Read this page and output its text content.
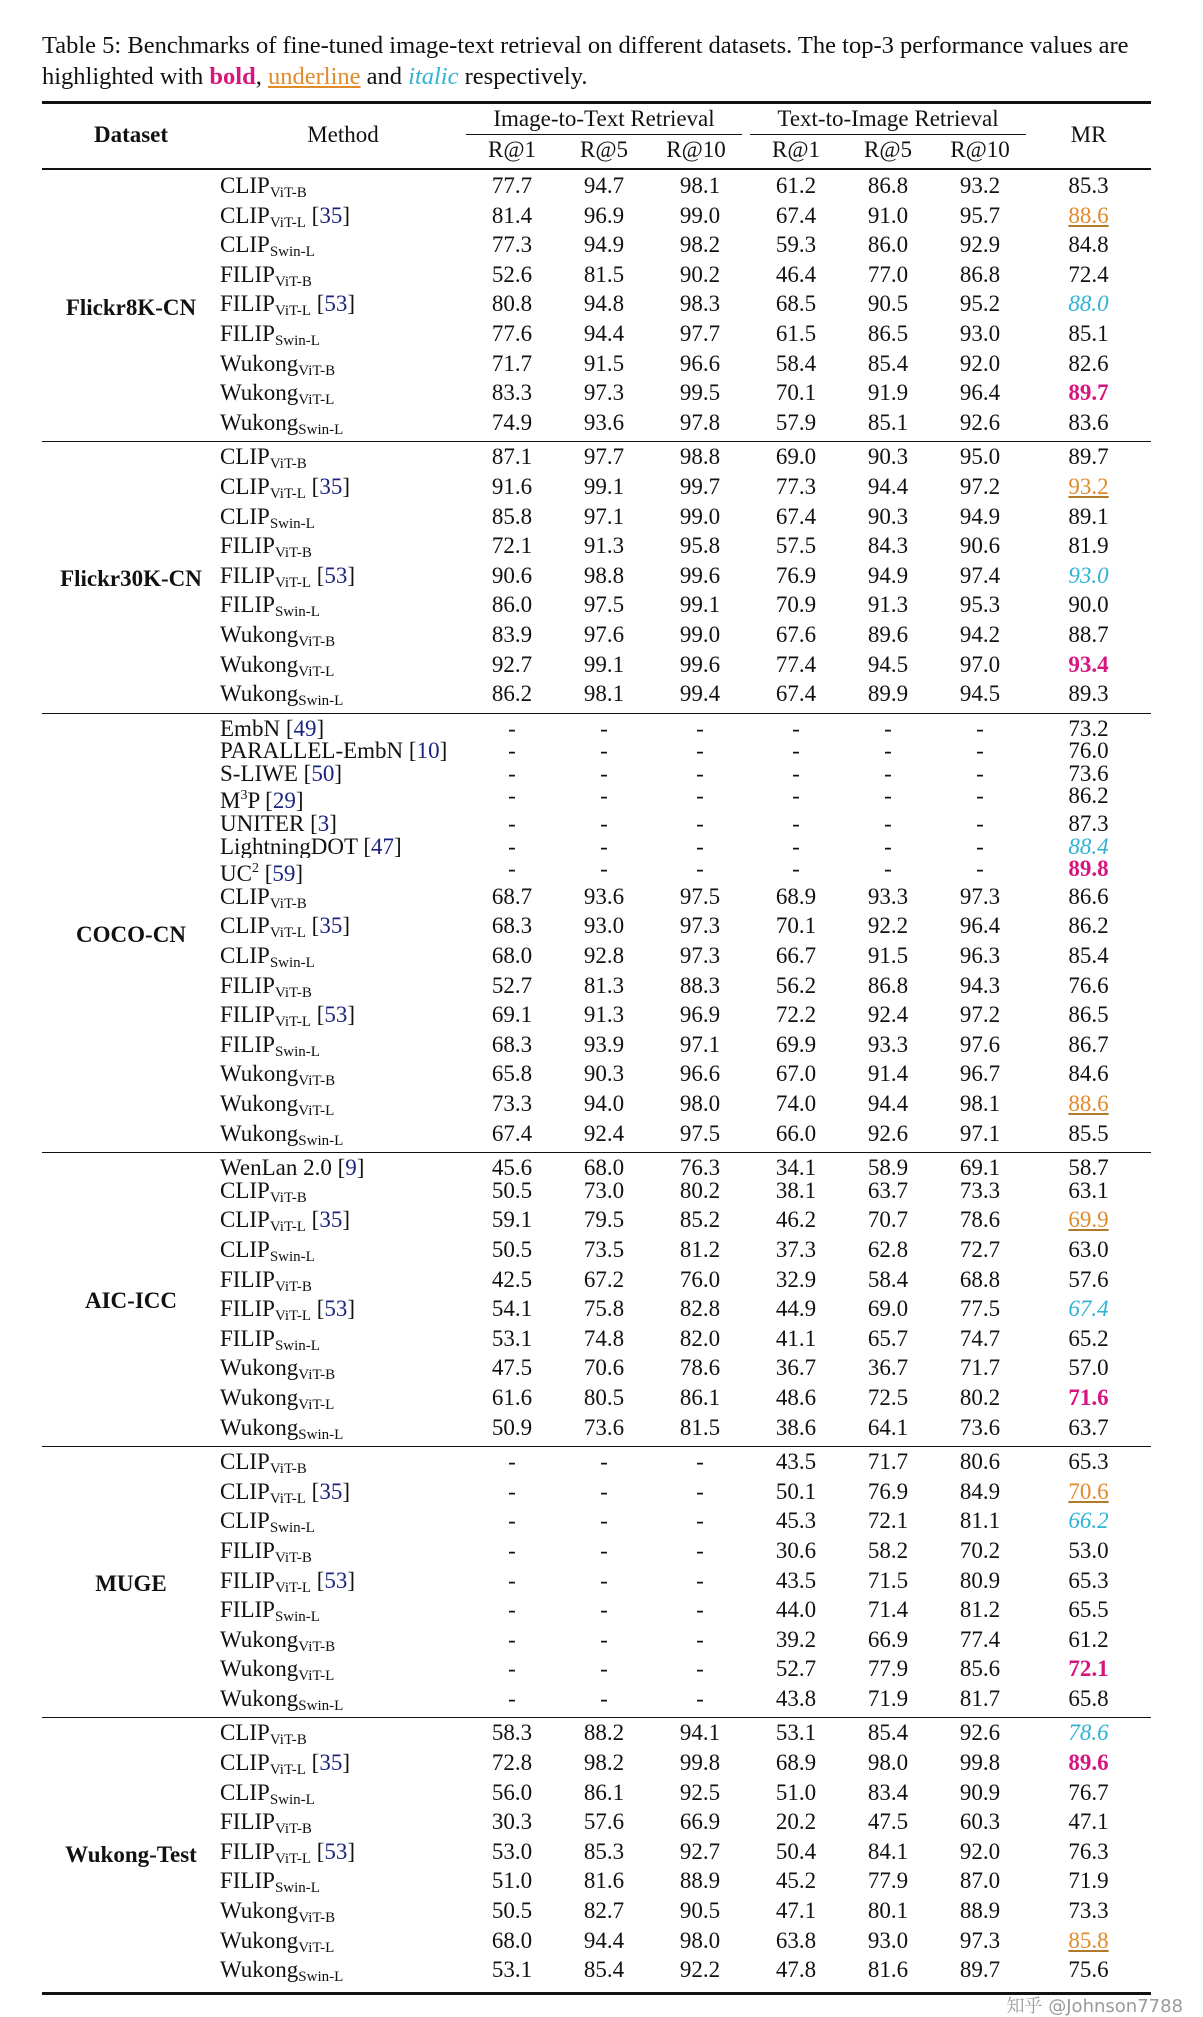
Table 5: Benchmarks of fine-tuned image-text retrieval on different datasets. The top-3 performance values are highlighted with bold, underline and italic respectively.
Dataset	Method	Image-to-Text Retrieval				Text-to-Image Retrieval			MR
		R@1	R@5	R@10		R@1	R@5	R@10	
Flickr8K-CN	$CLIP_{ViT-B}$	77.7	94.7	98.1	61.2	86.8	93.2	85.3
	$CLIP_{ViT-L}$ [35]	81.4	96.9	99.0	67.4	91.0	95.7	88.6
	$CLIP_{Swin-L}$	77.3	94.9	98.2	59.3	86.0	92.9	84.8
	$FILIP_{ViT-B}$	52.6	81.5	90.2	46.4	77.0	86.8	72.4
	$FILIP_{ViT-L}$ [53]	80.8	94.8	98.3	68.5	90.5	95.2	88.0
	$FILIP_{Swin-L}$	77.6	94.4	97.7	61.5	86.5	93.0	85.1
	Wukong$_{ViT-B}$	71.7	91.5	96.6	58.4	85.4	92.0	82.6
	Wukong$_{ViT-L}$	83.3	97.3	99.5	70.1	91.9	96.4	89.7
	Wukong$_{Swin-L}$	74.9	93.6	97.8	57.9	85.1	92.6	83.6
Flickr30K-CN	$CLIP_{ViT-B}$	87.1	97.7	98.8	69.0	90.3	95.0	89.7
	$CLIP_{ViT-L}$ [35]	91.6	99.1	99.7	77.3	94.4	97.2	93.2
	$CLIP_{Swin-L}$	85.8	97.1	99.0	67.4	90.3	94.9	89.1
	$FILIP_{ViT-B}$	72.1	91.3	95.8	57.5	84.3	90.6	81.9
	$FILIP_{ViT-L}$ [53]	90.6	98.8	99.6	76.9	94.9	97.4	93.0
	$FILIP_{Swin-L}$	86.0	97.5	99.1	70.9	91.3	95.3	90.0
	Wukong$_{ViT-B}$	83.9	97.6	99.0	67.6	89.6	94.2	88.7
	Wukong$_{ViT-L}$	92.7	99.1	99.6	77.4	94.5	97.0	93.4
	Wukong$_{Swin-L}$	86.2	98.1	99.4	67.4	89.9	94.5	89.3
COCO-CN	EmbN [49]	-	-	-	-	-	-	73.2
	PARALLEL-EmbN [10]	-	-	-	-	-	-	76.0
	S-LIWE [50]	-	-	-	-	-	-	73.6
	$M^3P$ [29]	-	-	-	-	-	-	86.2
	UNITER [3]	-	-	-	-	-	-	87.3
	LightningDOT [47]	-	-	-	-	-	-	88.4
	$UC^2$ [59]	-	-	-	-	-	-	89.8
	$CLIP_{ViT-B}$	68.7	93.6	97.5	68.9	93.3	97.3	86.6
	$CLIP_{ViT-L}$ [35]	68.3	93.0	97.3	70.1	92.2	96.4	86.2
	$CLIP_{Swin-L}$	68.0	92.8	97.3	66.7	91.5	96.3	85.4
	$FILIP_{ViT-B}$	52.7	81.3	88.3	56.2	86.8	94.3	76.6
	$FILIP_{ViT-L}$ [53]	69.1	91.3	96.9	72.2	92.4	97.2	86.5
	$FILIP_{Swin-L}$	68.3	93.9	97.1	69.9	93.3	97.6	86.7
	Wukong$_{ViT-B}$	65.8	90.3	96.6	67.0	91.4	96.7	84.6
	Wukong$_{ViT-L}$	73.3	94.0	98.0	74.0	94.4	98.1	88.6
	Wukong$_{Swin-L}$	67.4	92.4	97.5	66.0	92.6	97.1	85.5
AIC-ICC	WenLan 2.0 [9]	45.6	68.0	76.3	34.1	58.9	69.1	58.7
	$CLIP_{ViT-B}$	50.5	73.0	80.2	38.1	63.7	73.3	63.1
	$CLIP_{ViT-L}$ [35]	59.1	79.5	85.2	46.2	70.7	78.6	69.9
	$CLIP_{Swin-L}$	50.5	73.5	81.2	37.3	62.8	72.7	63.0
	$FILIP_{ViT-B}$	42.5	67.2	76.0	32.9	58.4	68.8	57.6
	$FILIP_{ViT-L}$ [53]	54.1	75.8	82.8	44.9	69.0	77.5	67.4
	$FILIP_{Swin-L}$	53.1	74.8	82.0	41.1	65.7	74.7	65.2
	Wukong$_{ViT-B}$	47.5	70.6	78.6	36.7	36.7	71.7	57.0
	Wukong$_{ViT-L}$	61.6	80.5	86.1	48.6	72.5	80.2	71.6
	Wukong$_{Swin-L}$	50.9	73.6	81.5	38.6	64.1	73.6	63.7
MUGE	$CLIP_{ViT-B}$	-	-	-	43.5	71.7	80.6	65.3
	$CLIP_{ViT-L}$ [35]	-	-	-	50.1	76.9	84.9	70.6
	$CLIP_{Swin-L}$	-	-	-	45.3	72.1	81.1	66.2
	$FILIP_{ViT-B}$	-	-	-	30.6	58.2	70.2	53.0
	$FILIP_{ViT-L}$ [53]	-	-	-	43.5	71.5	80.9	65.3
	$FILIP_{Swin-L}$	-	-	-	44.0	71.4	81.2	65.5
	Wukong$_{ViT-B}$	-	-	-	39.2	66.9	77.4	61.2
	Wukong$_{ViT-L}$	-	-	-	52.7	77.9	85.6	72.1
	Wukong$_{Swin-L}$	-	-	-	43.8	71.9	81.7	65.8
Wukong-Test	$CLIP_{ViT-B}$	58.3	88.2	94.1	53.1	85.4	92.6	78.6
	$CLIP_{ViT-L}$ [35]	72.8	98.2	99.8	68.9	98.0	99.8	89.6
	$CLIP_{Swin-L}$	56.0	86.1	92.5	51.0	83.4	90.9	76.7
	$FILIP_{ViT-B}$	30.3	57.6	66.9	20.2	47.5	60.3	47.1
	$FILIP_{ViT-L}$ [53]	53.0	85.3	92.7	50.4	84.1	92.0	76.3
	$FILIP_{Swin-L}$	51.0	81.6	88.9	45.2	77.9	87.0	71.9
	Wukong$_{ViT-B}$	50.5	82.7	90.5	47.1	80.1	88.9	73.3
	Wukong$_{ViT-L}$	68.0	94.4	98.0	63.8	93.0	97.3	85.8
	Wukong$_{Swin-L}$	53.1	85.4	92.2	47.8	81.6	89.7	75.6
知乎 @Johnson7788
